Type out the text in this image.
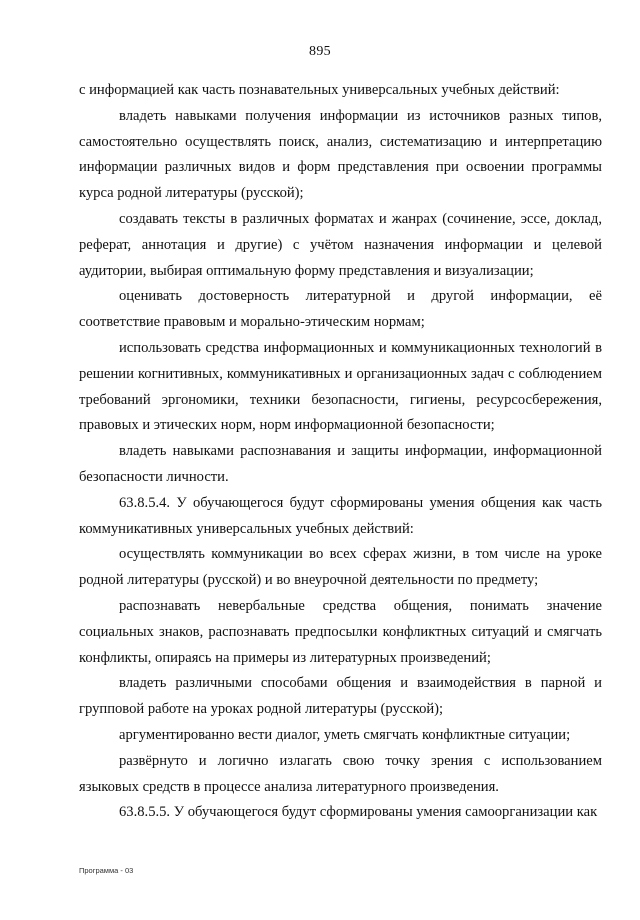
895

с информацией как часть познавательных универсальных учебных действий:

владеть навыками получения информации из источников разных типов, самостоятельно осуществлять поиск, анализ, систематизацию и интерпретацию информации различных видов и форм представления при освоении программы курса родной литературы (русской);

создавать тексты в различных форматах и жанрах (сочинение, эссе, доклад, реферат, аннотация и другие) с учётом назначения информации и целевой аудитории, выбирая оптимальную форму представления и визуализации;

оценивать достоверность литературной и другой информации, её соответствие правовым и морально-этическим нормам;

использовать средства информационных и коммуникационных технологий в решении когнитивных, коммуникативных и организационных задач с соблюдением требований эргономики, техники безопасности, гигиены, ресурсосбережения, правовых и этических норм, норм информационной безопасности;

владеть навыками распознавания и защиты информации, информационной безопасности личности.

63.8.5.4. У обучающегося будут сформированы умения общения как часть коммуникативных универсальных учебных действий:

осуществлять коммуникации во всех сферах жизни, в том числе на уроке родной литературы (русской) и во внеурочной деятельности по предмету;

распознавать невербальные средства общения, понимать значение социальных знаков, распознавать предпосылки конфликтных ситуаций и смягчать конфликты, опираясь на примеры из литературных произведений;

владеть различными способами общения и взаимодействия в парной и групповой работе на уроках родной литературы (русской);

аргументированно вести диалог, уметь смягчать конфликтные ситуации;

развёрнуто и логично излагать свою точку зрения с использованием языковых средств в процессе анализа литературного произведения.

63.8.5.5. У обучающегося будут сформированы умения самоорганизации как

Программа - 03
